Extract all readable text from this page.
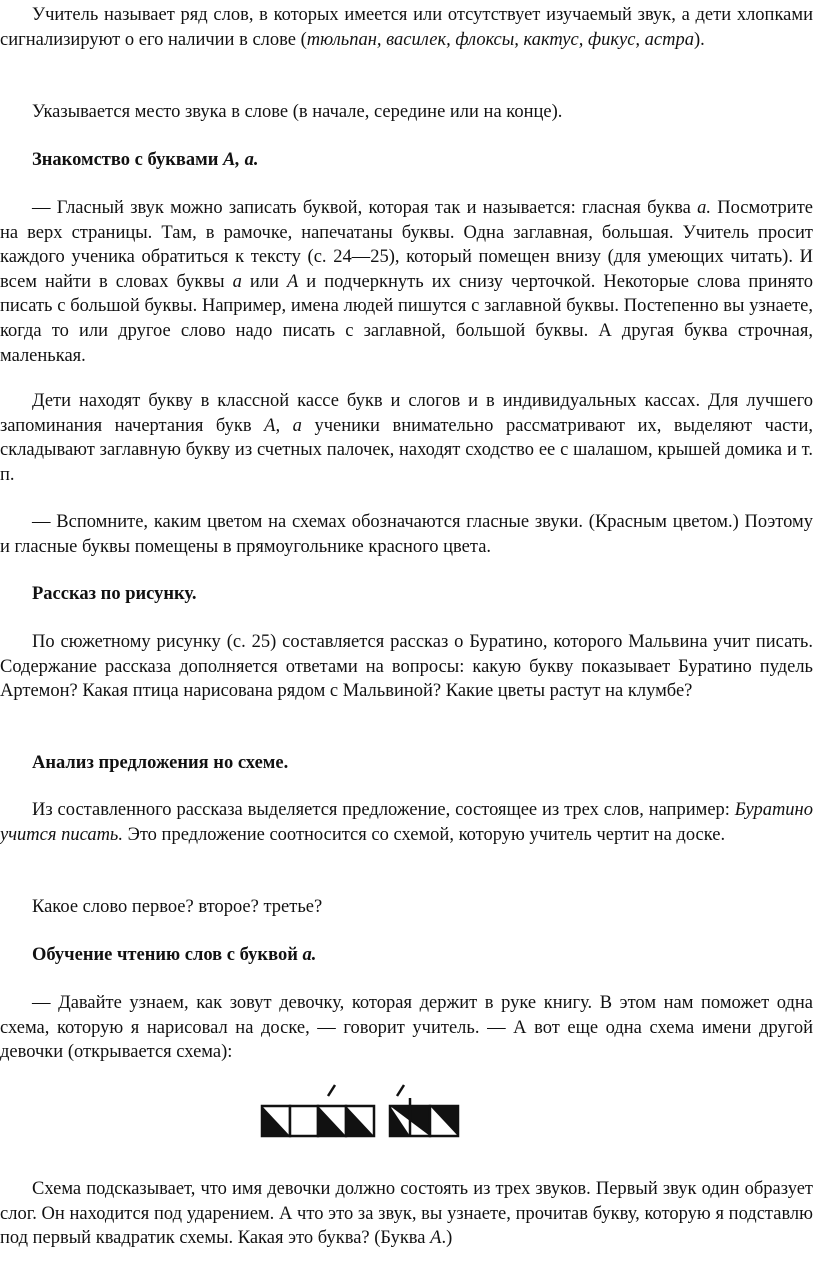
Учитель называет ряд слов, в которых имеется или отсутствует изучаемый звук, а дети хлопками сигнализируют о его наличии в слове (тюльпан, василек, флоксы, кактус, фикус, астра).

Указывается место звука в слове (в начале, середине или на конце).

Знакомство с буквами А, а.

— Гласный звук можно записать буквой, которая так и называется: гласная буква а. Посмотрите на верх страницы. Там, в рамочке, напечатаны буквы. Одна заглавная, большая. Учитель просит каждого ученика обратиться к тексту (с. 24—25), который помещен внизу (для умеющих читать). И всем найти в словах буквы а или А и подчеркнуть их снизу черточкой. Некоторые слова принято писать с большой буквы. Например, имена людей пишутся с заглавной буквы. Постепенно вы узнаете, когда то или другое слово надо писать с заглавной, большой буквы. А другая буква строчная, маленькая.

Дети находят букву в классной кассе букв и слогов и в индивидуальных кассах. Для лучшего запоминания начертания букв А, а ученики внимательно рассматривают их, выделяют части, складывают заглавную букву из счетных палочек, находят сходство ее с шалашом, крышей домика и т. п.

— Вспомните, каким цветом на схемах обозначаются гласные звуки. (Красным цветом.) Поэтому и гласные буквы помещены в прямоугольнике красного цвета.

Рассказ по рисунку.

По сюжетному рисунку (с. 25) составляется рассказ о Буратино, которого Мальвина учит писать. Содержание рассказа дополняется ответами на вопросы: какую букву показывает Буратино пудель Артемон? Какая птица нарисована рядом с Мальвиной? Какие цветы растут на клумбе?

Анализ предложения но схеме.

Из составленного рассказа выделяется предложение, состоящее из трех слов, например: Буратино учится писать. Это предложение соотносится со схемой, которую учитель чертит на доске.

Какое слово первое? второе? третье?

Обучение чтению слов с буквой а.

— Давайте узнаем, как зовут девочку, которая держит в руке книгу. В этом нам поможет одна схема, которую я нарисовал на доске, — говорит учитель. — А вот еще одна схема имени другой девочки (открывается схема):

Схема подсказывает, что имя девочки должно состоять из трех звуков. Первый звук один образует слог. Он находится под ударением. А что это за звук, вы узнаете, прочитав букву, которую я подставлю под первый квадратик схемы. Какая это буква? (Буква А.)
